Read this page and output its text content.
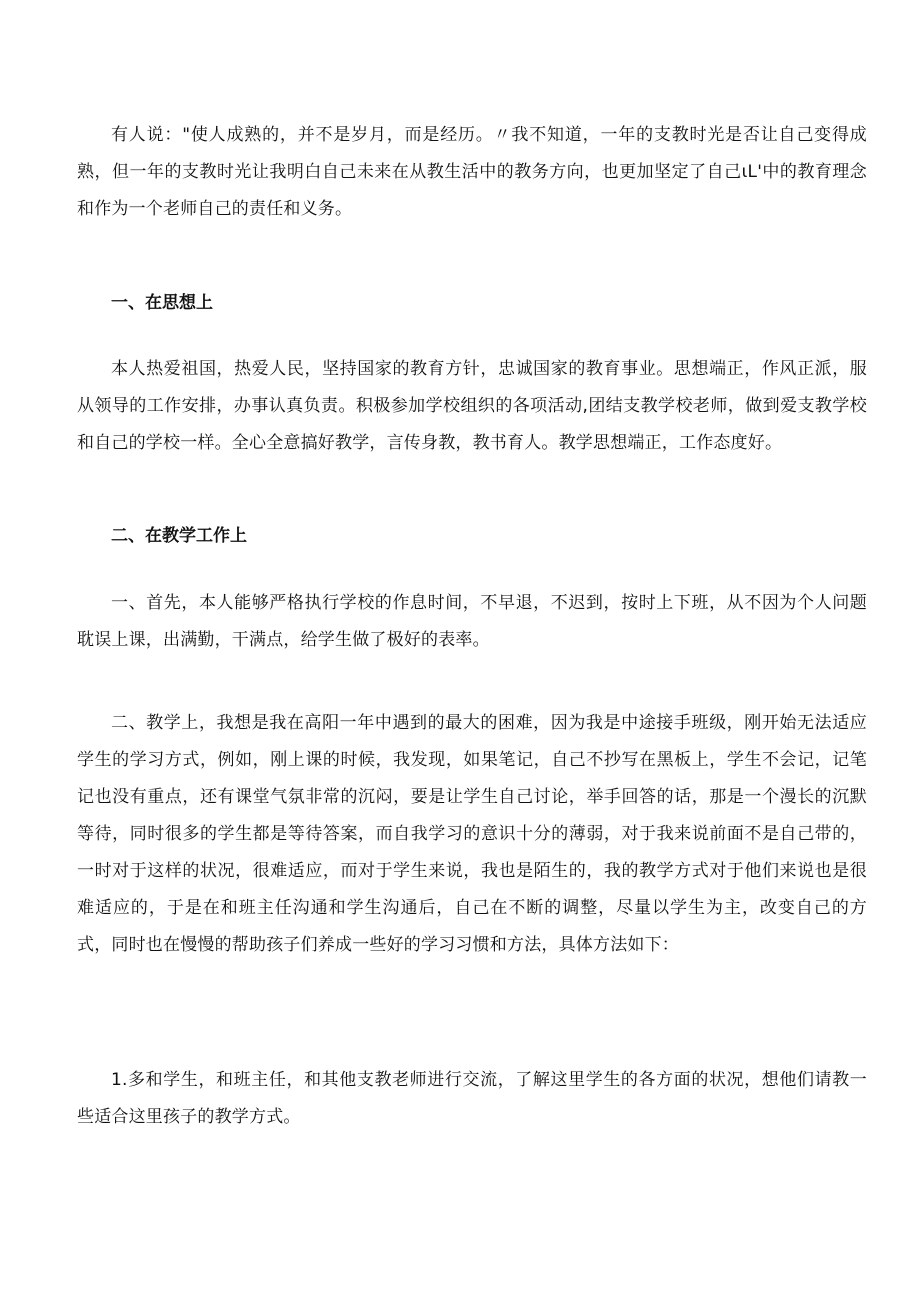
有人说："使人成熟的，并不是岁月，而是经历。〃我不知道，一年的支教时光是否让自己变得成熟，但一年的支教时光让我明白自己未来在从教生活中的教务方向，也更加坚定了自己ιL'中的教育理念和作为一个老师自己的责任和义务。

一、在思想上

本人热爱祖国，热爱人民，坚持国家的教育方针，忠诚国家的教育事业。思想端正，作风正派，服从领导的工作安排，办事认真负责。积极参加学校组织的各项活动,团结支教学校老师，做到爱支教学校和自己的学校一样。全心全意搞好教学，言传身教，教书育人。教学思想端正，工作态度好。

二、在教学工作上

一、首先，本人能够严格执行学校的作息时间，不早退，不迟到，按时上下班，从不因为个人问题耽误上课，出满勤，干满点，给学生做了极好的表率。

二、教学上，我想是我在高阳一年中遇到的最大的困难，因为我是中途接手班级，刚开始无法适应学生的学习方式，例如，刚上课的时候，我发现，如果笔记，自己不抄写在黑板上，学生不会记，记笔记也没有重点，还有课堂气氛非常的沉闷，要是让学生自己讨论，举手回答的话，那是一个漫长的沉默等待，同时很多的学生都是等待答案，而自我学习的意识十分的薄弱，对于我来说前面不是自己带的，一时对于这样的状况，很难适应，而对于学生来说，我也是陌生的，我的教学方式对于他们来说也是很难适应的，于是在和班主任沟通和学生沟通后，自己在不断的调整，尽量以学生为主，改变自己的方式，同时也在慢慢的帮助孩子们养成一些好的学习习惯和方法，具体方法如下：

1.多和学生，和班主任，和其他支教老师进行交流，了解这里学生的各方面的状况，想他们请教一些适合这里孩子的教学方式。
